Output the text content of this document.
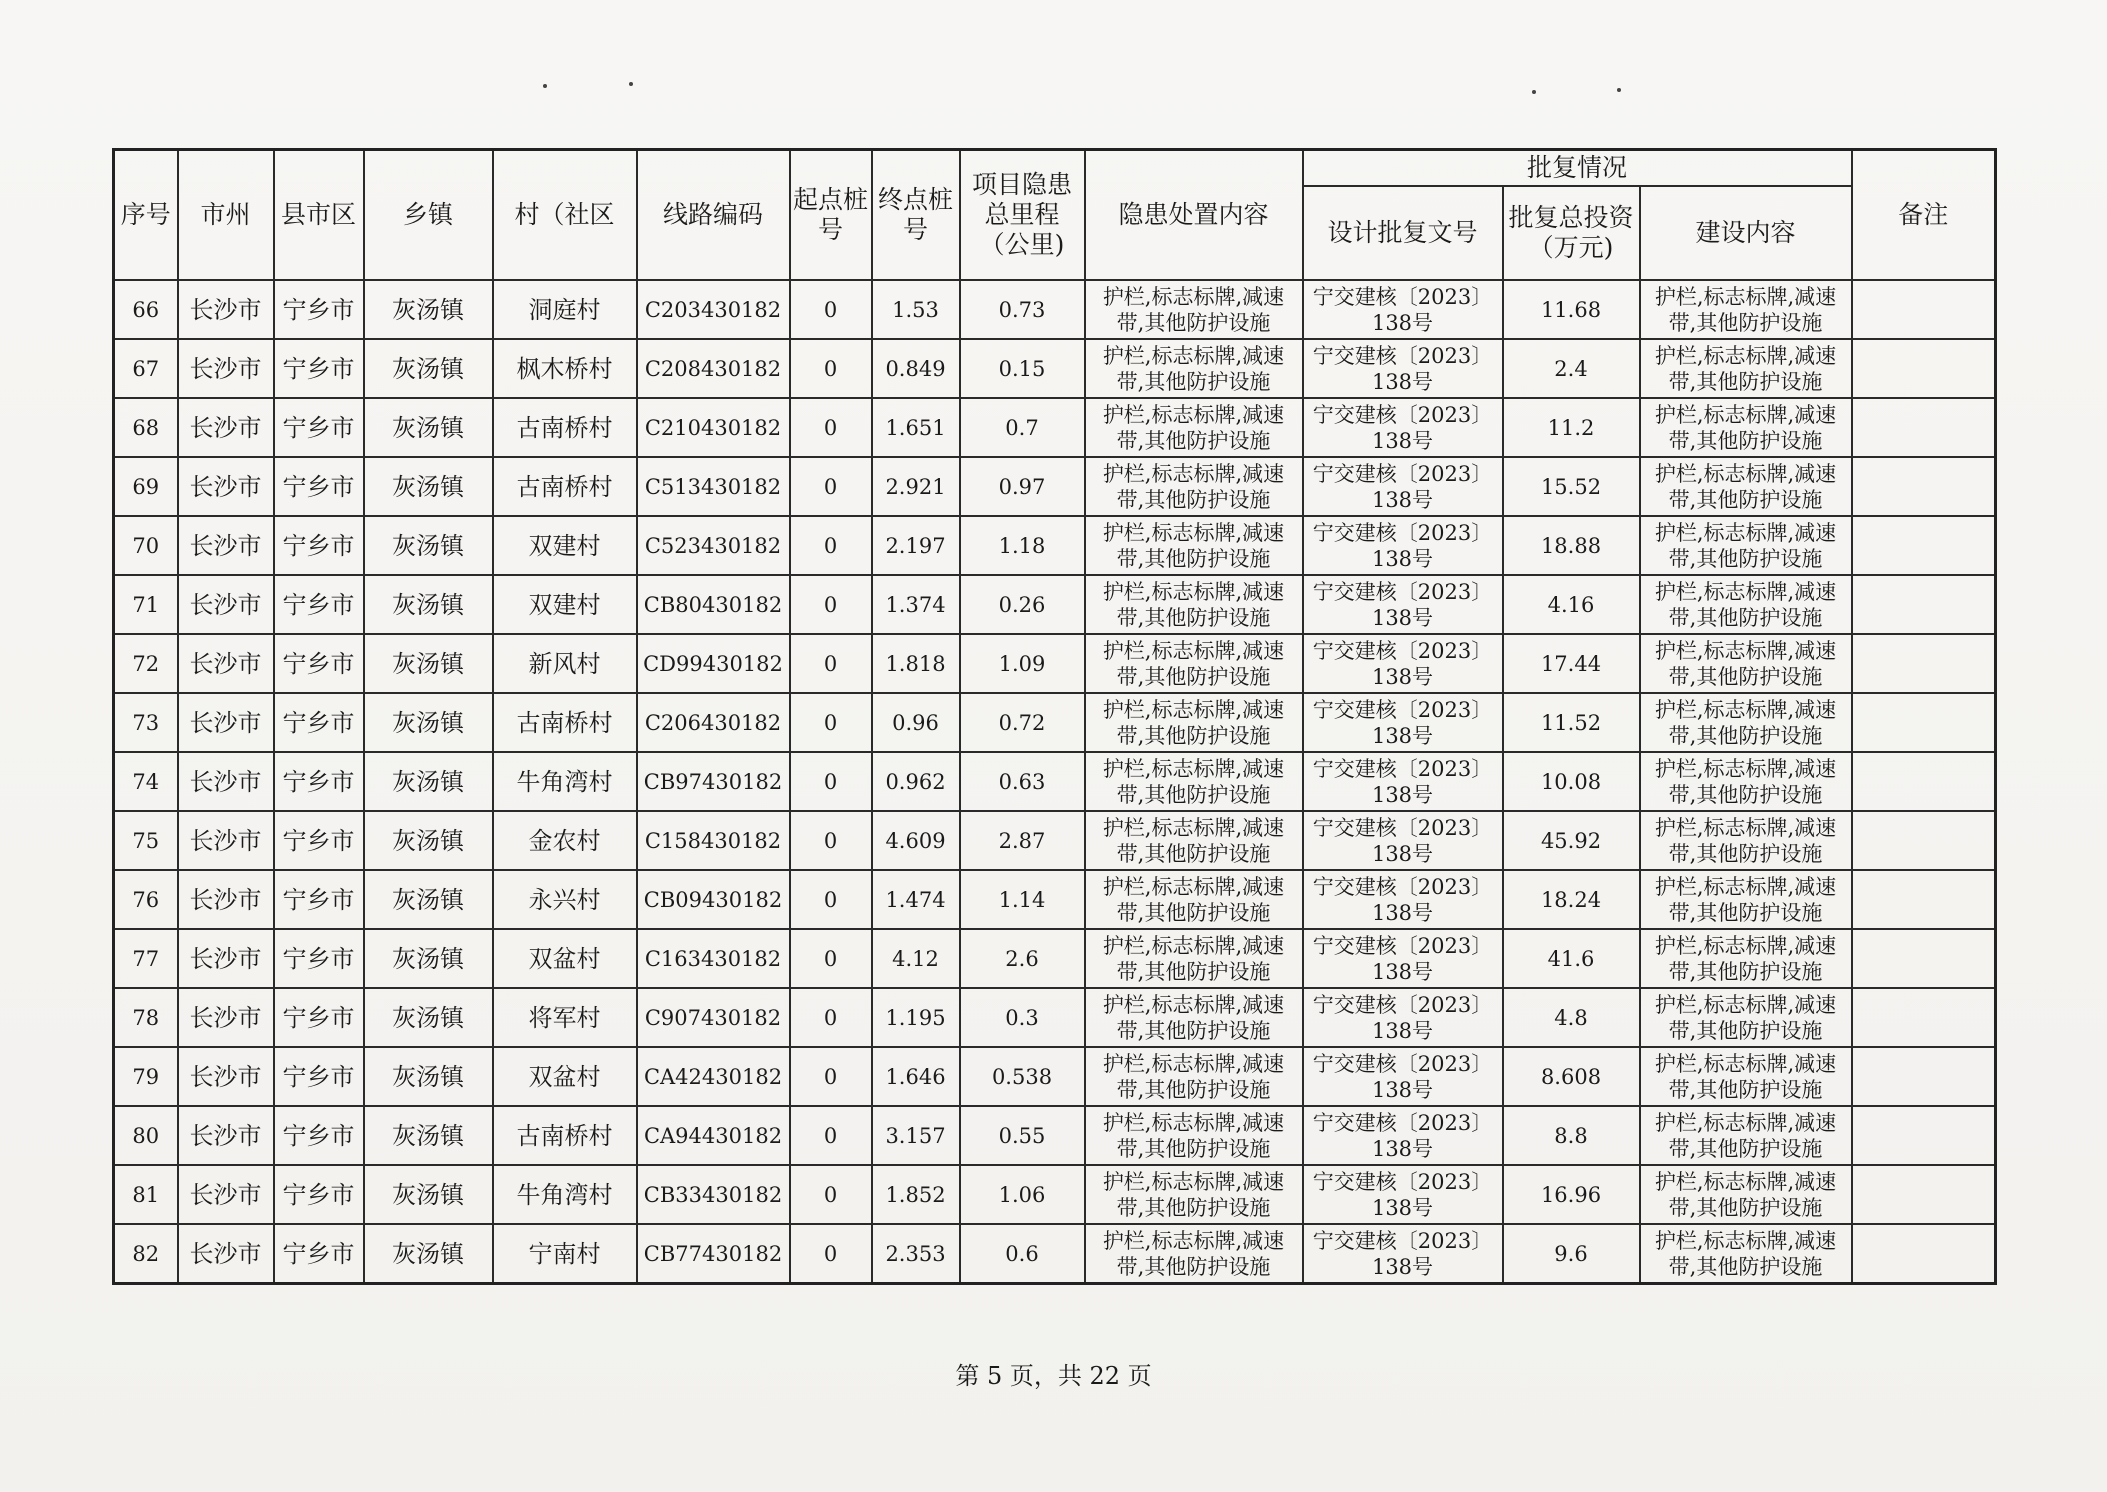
序号	市州	县市区	乡镇	村（社区	线路编码	起点桩号	终点桩号	项目隐患总里程（公里)	隐患处置内容	批复情况			备注
										设计批复文号	批复总投资（万元)	建设内容	
66	长沙市	宁乡市	灰汤镇	洞庭村	C203430182	0	1.53	0.73	护栏,标志标牌,减速带,其他防护设施	宁交建核〔2023〕138号	11.68	护栏,标志标牌,减速带,其他防护设施	
67	长沙市	宁乡市	灰汤镇	枫木桥村	C208430182	0	0.849	0.15	护栏,标志标牌,减速带,其他防护设施	宁交建核〔2023〕138号	2.4	护栏,标志标牌,减速带,其他防护设施	
68	长沙市	宁乡市	灰汤镇	古南桥村	C210430182	0	1.651	0.7	护栏,标志标牌,减速带,其他防护设施	宁交建核〔2023〕138号	11.2	护栏,标志标牌,减速带,其他防护设施	
69	长沙市	宁乡市	灰汤镇	古南桥村	C513430182	0	2.921	0.97	护栏,标志标牌,减速带,其他防护设施	宁交建核〔2023〕138号	15.52	护栏,标志标牌,减速带,其他防护设施	
70	长沙市	宁乡市	灰汤镇	双建村	C523430182	0	2.197	1.18	护栏,标志标牌,减速带,其他防护设施	宁交建核〔2023〕138号	18.88	护栏,标志标牌,减速带,其他防护设施	
71	长沙市	宁乡市	灰汤镇	双建村	CB80430182	0	1.374	0.26	护栏,标志标牌,减速带,其他防护设施	宁交建核〔2023〕138号	4.16	护栏,标志标牌,减速带,其他防护设施	
72	长沙市	宁乡市	灰汤镇	新风村	CD99430182	0	1.818	1.09	护栏,标志标牌,减速带,其他防护设施	宁交建核〔2023〕138号	17.44	护栏,标志标牌,减速带,其他防护设施	
73	长沙市	宁乡市	灰汤镇	古南桥村	C206430182	0	0.96	0.72	护栏,标志标牌,减速带,其他防护设施	宁交建核〔2023〕138号	11.52	护栏,标志标牌,减速带,其他防护设施	
74	长沙市	宁乡市	灰汤镇	牛角湾村	CB97430182	0	0.962	0.63	护栏,标志标牌,减速带,其他防护设施	宁交建核〔2023〕138号	10.08	护栏,标志标牌,减速带,其他防护设施	
75	长沙市	宁乡市	灰汤镇	金农村	C158430182	0	4.609	2.87	护栏,标志标牌,减速带,其他防护设施	宁交建核〔2023〕138号	45.92	护栏,标志标牌,减速带,其他防护设施	
76	长沙市	宁乡市	灰汤镇	永兴村	CB09430182	0	1.474	1.14	护栏,标志标牌,减速带,其他防护设施	宁交建核〔2023〕138号	18.24	护栏,标志标牌,减速带,其他防护设施	
77	长沙市	宁乡市	灰汤镇	双盆村	C163430182	0	4.12	2.6	护栏,标志标牌,减速带,其他防护设施	宁交建核〔2023〕138号	41.6	护栏,标志标牌,减速带,其他防护设施	
78	长沙市	宁乡市	灰汤镇	将军村	C907430182	0	1.195	0.3	护栏,标志标牌,减速带,其他防护设施	宁交建核〔2023〕138号	4.8	护栏,标志标牌,减速带,其他防护设施	
79	长沙市	宁乡市	灰汤镇	双盆村	CA42430182	0	1.646	0.538	护栏,标志标牌,减速带,其他防护设施	宁交建核〔2023〕138号	8.608	护栏,标志标牌,减速带,其他防护设施	
80	长沙市	宁乡市	灰汤镇	古南桥村	CA94430182	0	3.157	0.55	护栏,标志标牌,减速带,其他防护设施	宁交建核〔2023〕138号	8.8	护栏,标志标牌,减速带,其他防护设施	
81	长沙市	宁乡市	灰汤镇	牛角湾村	CB33430182	0	1.852	1.06	护栏,标志标牌,减速带,其他防护设施	宁交建核〔2023〕138号	16.96	护栏,标志标牌,减速带,其他防护设施	
82	长沙市	宁乡市	灰汤镇	宁南村	CB77430182	0	2.353	0.6	护栏,标志标牌,减速带,其他防护设施	宁交建核〔2023〕138号	9.6	护栏,标志标牌,减速带,其他防护设施	
第 5 页，共 22 页
